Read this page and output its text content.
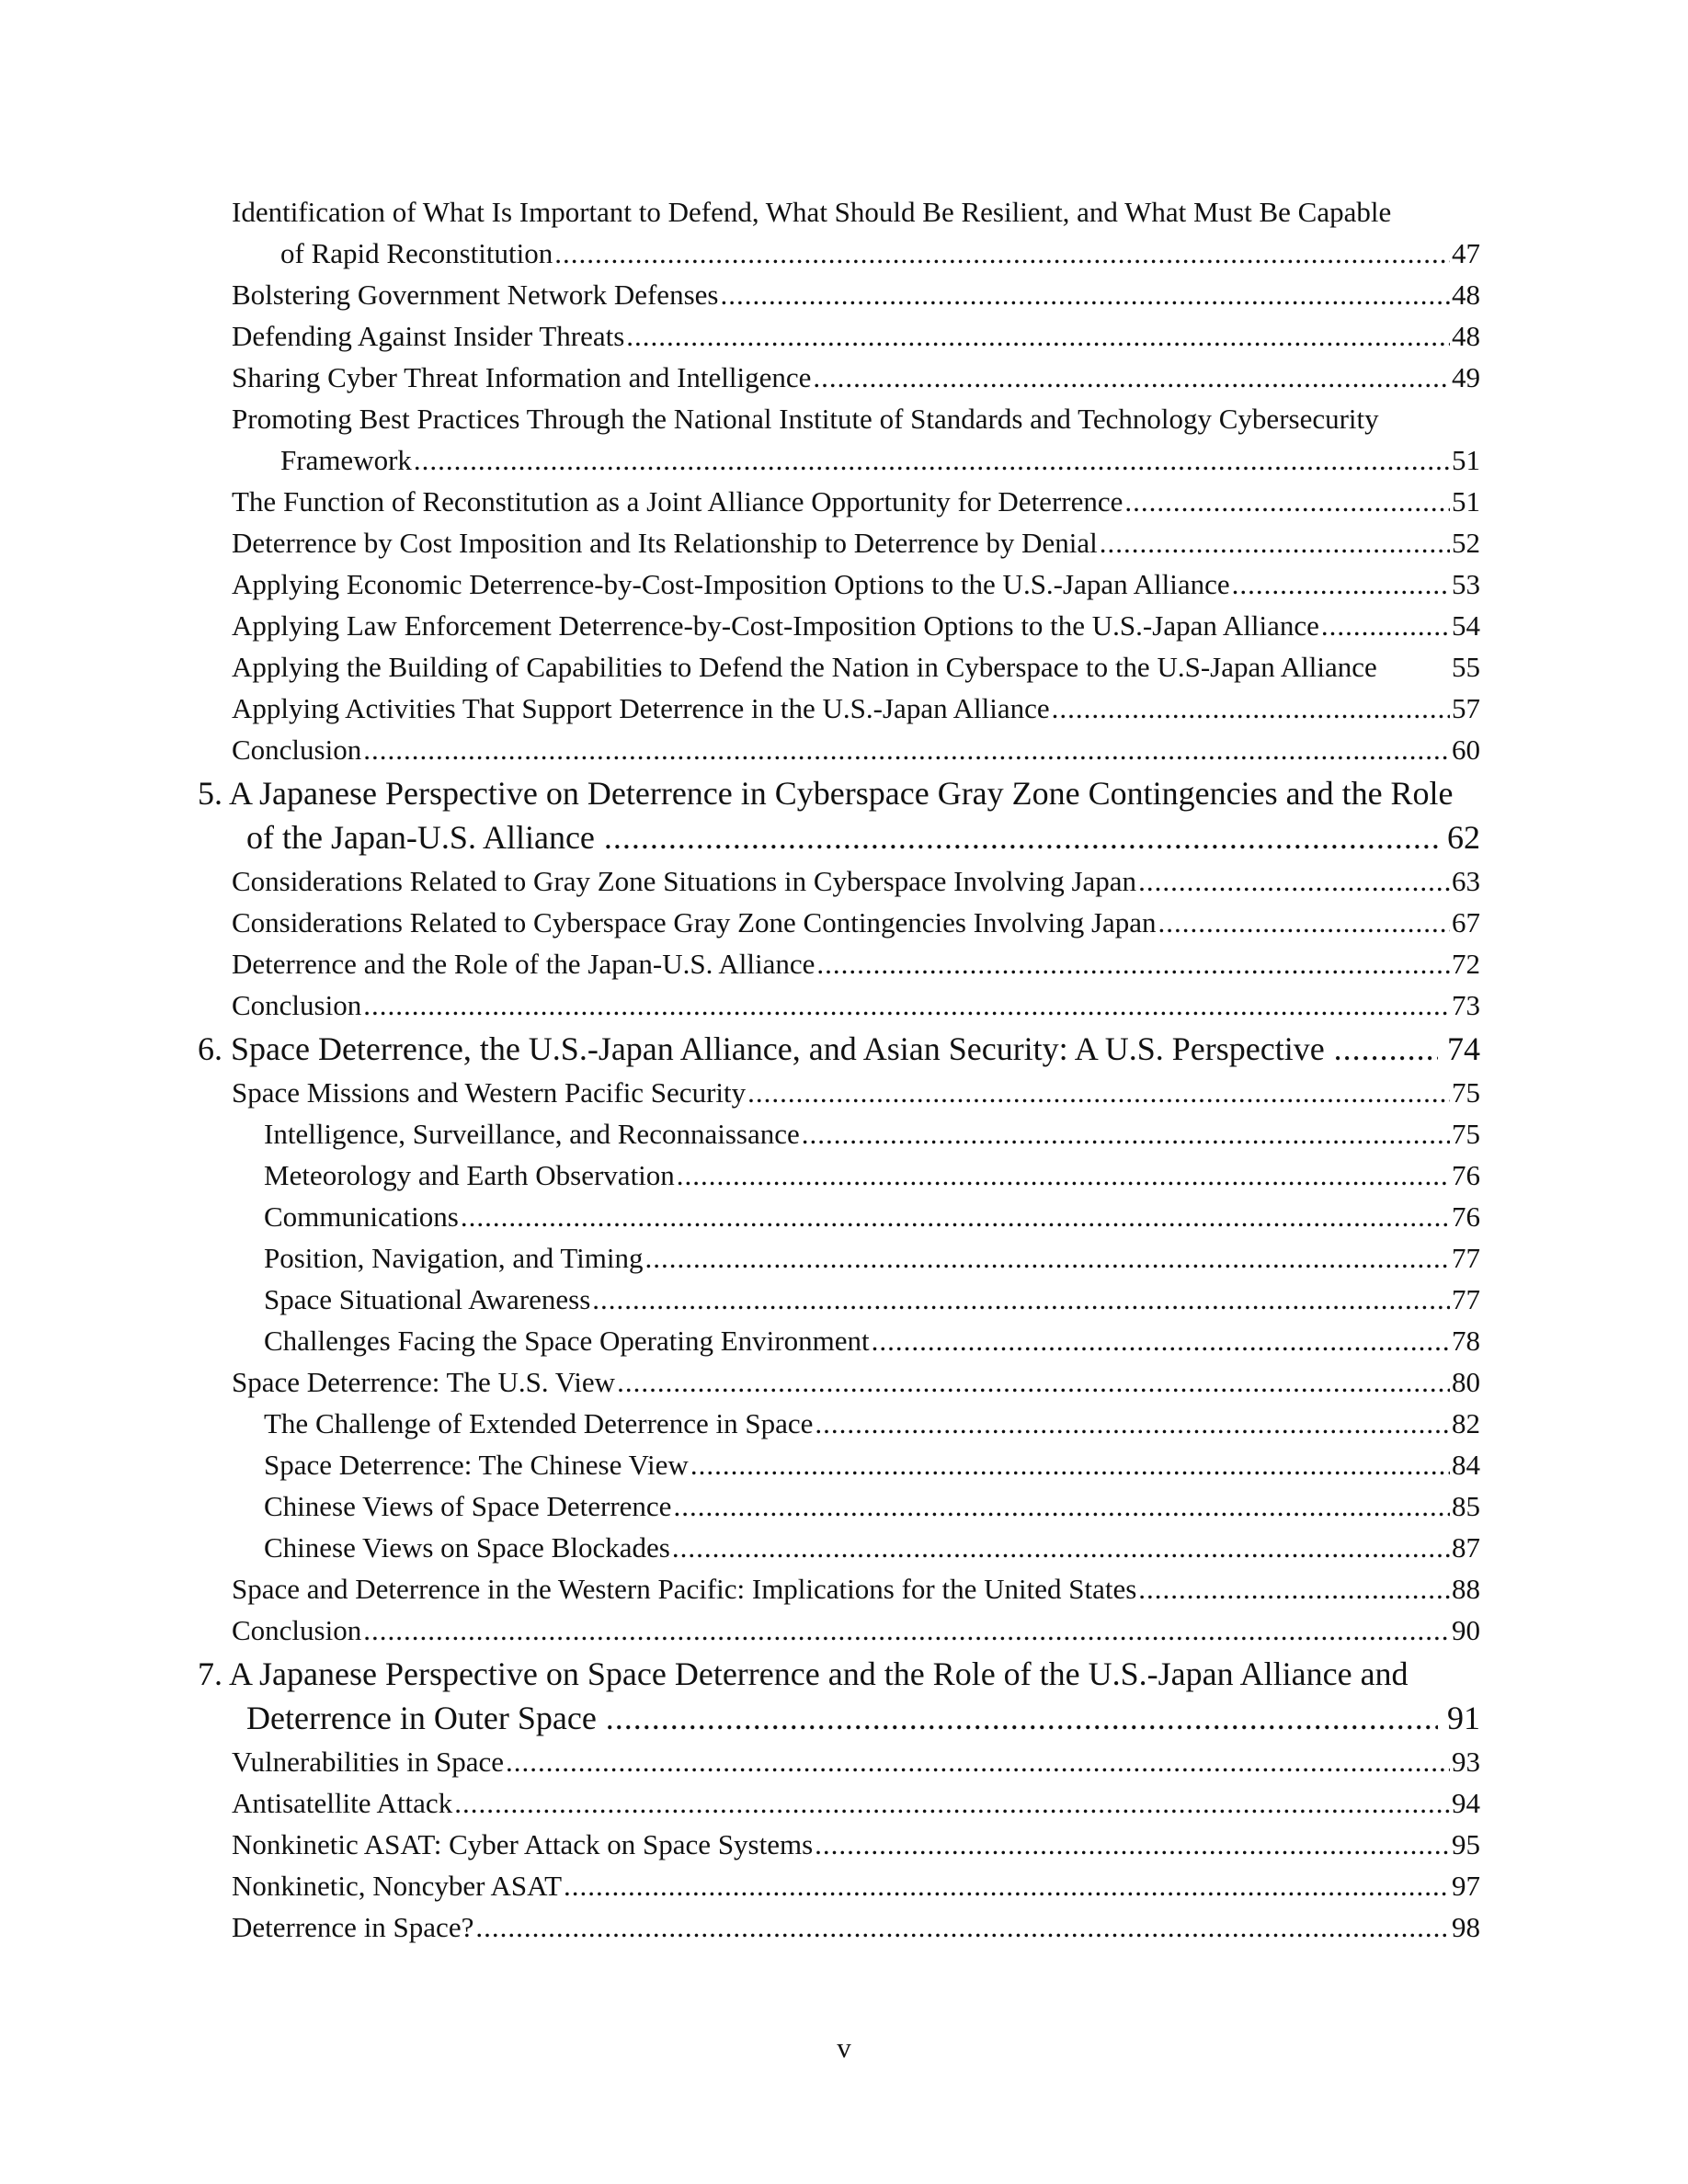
Identification of What Is Important to Defend, What Should Be Resilient, and What Must Be Capable
of Rapid Reconstitution .....	47
Bolstering Government Network Defenses .....	48
Defending Against Insider Threats .....	48
Sharing Cyber Threat Information and Intelligence .....	49
Promoting Best Practices Through the National Institute of Standards and Technology Cybersecurity
Framework .....	51
The Function of Reconstitution as a Joint Alliance Opportunity for Deterrence .....	51
Deterrence by Cost Imposition and Its Relationship to Deterrence by Denial .....	52
Applying Economic Deterrence-by-Cost-Imposition Options to the U.S.-Japan Alliance .....	53
Applying Law Enforcement Deterrence-by-Cost-Imposition Options to the U.S.-Japan Alliance .....	54
Applying the Building of Capabilities to Defend the Nation in Cyberspace to the U.S-Japan Alliance	55
Applying Activities That Support Deterrence in the U.S.-Japan Alliance .....	57
Conclusion .....	60
5. A Japanese Perspective on Deterrence in Cyberspace Gray Zone Contingencies and the Role
of the Japan-U.S. Alliance .....	62
Considerations Related to Gray Zone Situations in Cyberspace Involving Japan .....	63
Considerations Related to Cyberspace Gray Zone Contingencies Involving Japan .....	67
Deterrence and the Role of the Japan-U.S. Alliance .....	72
Conclusion .....	73
6. Space Deterrence, the U.S.-Japan Alliance, and Asian Security: A U.S. Perspective .....	74
Space Missions and Western Pacific Security .....	75
Intelligence, Surveillance, and Reconnaissance .....	75
Meteorology and Earth Observation .....	76
Communications .....	76
Position, Navigation, and Timing .....	77
Space Situational Awareness .....	77
Challenges Facing the Space Operating Environment .....	78
Space Deterrence: The U.S. View .....	80
The Challenge of Extended Deterrence in Space .....	82
Space Deterrence: The Chinese View .....	84
Chinese Views of Space Deterrence .....	85
Chinese Views on Space Blockades .....	87
Space and Deterrence in the Western Pacific: Implications for the United States .....	88
Conclusion .....	90
7. A Japanese Perspective on Space Deterrence and the Role of the U.S.-Japan Alliance and
Deterrence in Outer Space .....	91
Vulnerabilities in Space .....	93
Antisatellite Attack .....	94
Nonkinetic ASAT: Cyber Attack on Space Systems .....	95
Nonkinetic, Noncyber ASAT .....	97
Deterrence in Space? .....	98
v
